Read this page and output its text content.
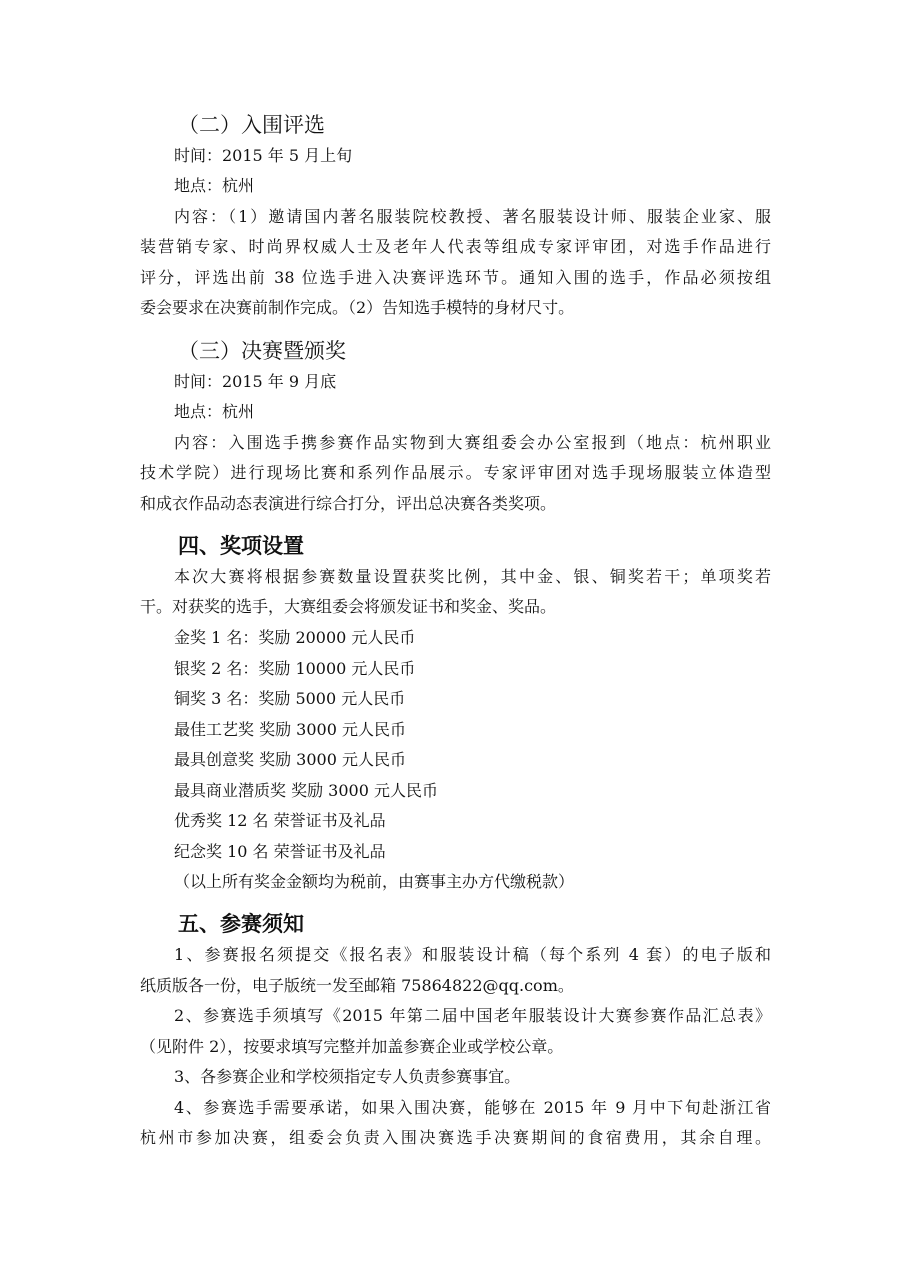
（二）入围评选
时间：2015 年 5 月上旬
地点：杭州
内容：（1）邀请国内著名服装院校教授、著名服装设计师、服装企业家、服
装营销专家、时尚界权威人士及老年人代表等组成专家评审团，对选手作品进行
评分，评选出前 38 位选手进入决赛评选环节。通知入围的选手，作品必须按组
委会要求在决赛前制作完成。（2）告知选手模特的身材尺寸。
（三）决赛暨颁奖
时间：2015 年 9 月底
地点：杭州
内容：入围选手携参赛作品实物到大赛组委会办公室报到（地点：杭州职业
技术学院）进行现场比赛和系列作品展示。专家评审团对选手现场服装立体造型
和成衣作品动态表演进行综合打分，评出总决赛各类奖项。
四、奖项设置
本次大赛将根据参赛数量设置获奖比例，其中金、银、铜奖若干；单项奖若
干。对获奖的选手，大赛组委会将颁发证书和奖金、奖品。
金奖 1 名：奖励 20000 元人民币
银奖 2 名：奖励 10000 元人民币
铜奖 3 名：奖励 5000 元人民币
最佳工艺奖 奖励 3000 元人民币
最具创意奖 奖励 3000 元人民币
最具商业潜质奖 奖励 3000 元人民币
优秀奖 12 名 荣誉证书及礼品
纪念奖 10 名 荣誉证书及礼品
（以上所有奖金金额均为税前，由赛事主办方代缴税款）
五、参赛须知
1、参赛报名须提交《报名表》和服装设计稿（每个系列 4 套）的电子版和
纸质版各一份，电子版统一发至邮箱 75864822@qq.com。
2、参赛选手须填写《2015 年第二届中国老年服装设计大赛参赛作品汇总表》
（见附件 2），按要求填写完整并加盖参赛企业或学校公章。
3、各参赛企业和学校须指定专人负责参赛事宜。
4、参赛选手需要承诺，如果入围决赛，能够在 2015 年 9 月中下旬赴浙江省
杭州市参加决赛，组委会负责入围决赛选手决赛期间的食宿费用，其余自理。
